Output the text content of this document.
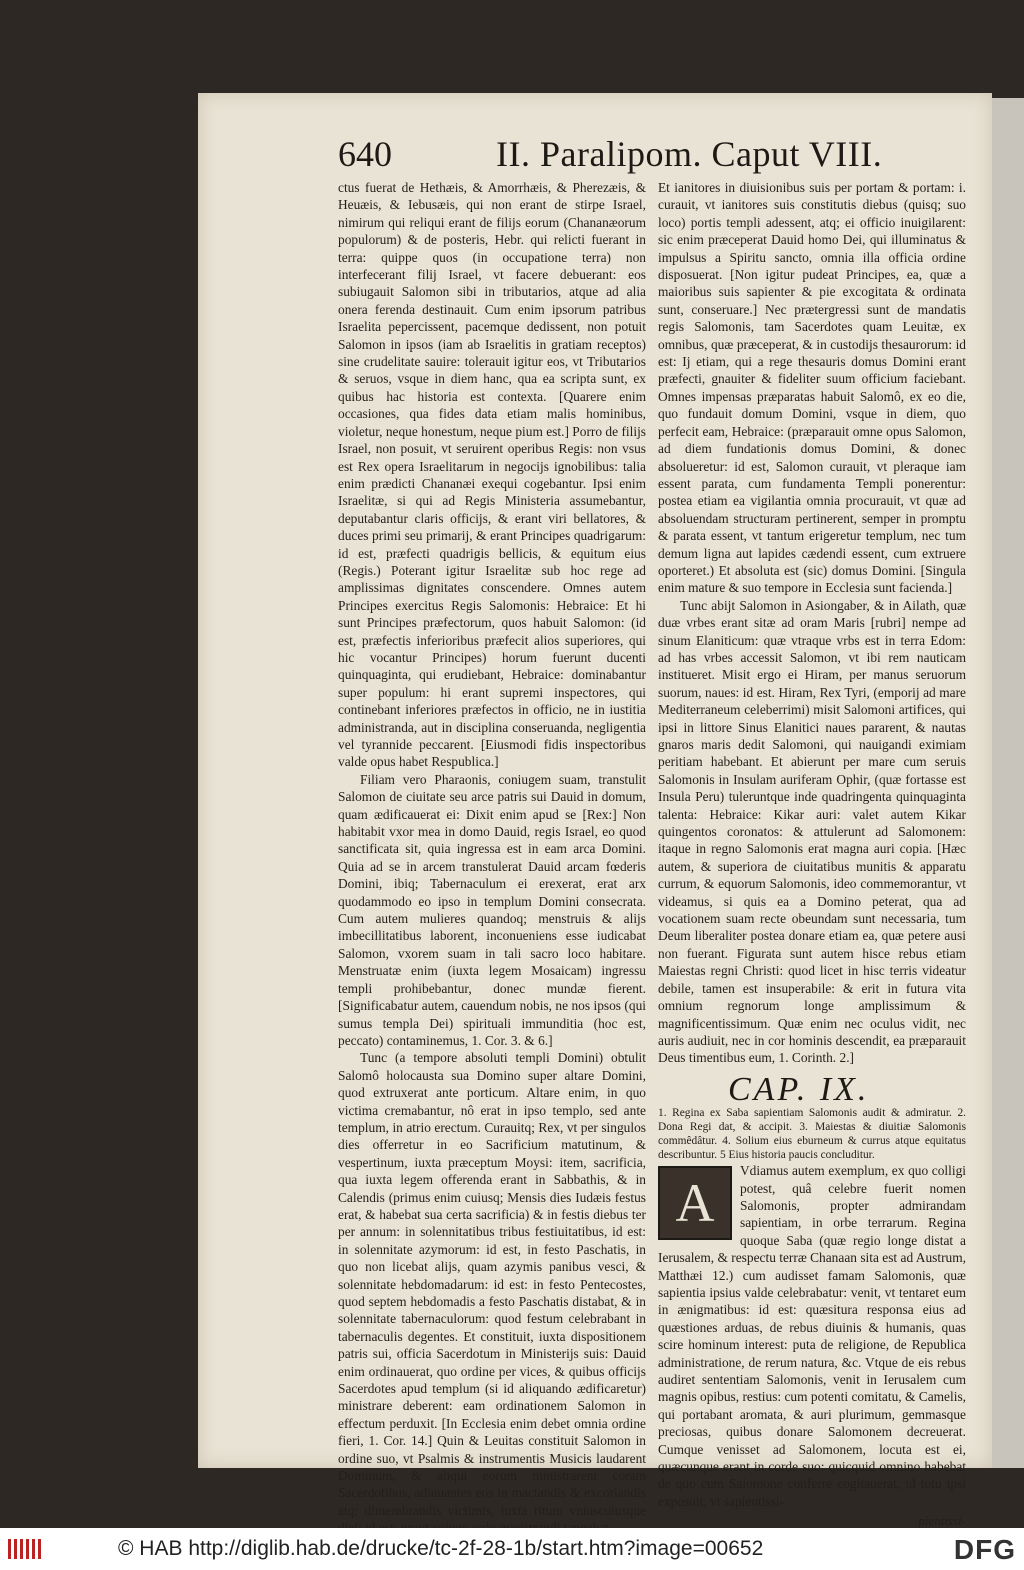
640	II. Paralipom. Caput VIII.

ctus fuerat de Hethæis, & Amorrhæis, & Pherezæis, & Heuæis, & Iebusæis, qui non erant de stirpe Israel, nimirum qui reliqui erant de filijs eorum (Chananæorum populorum) & de posteris, Hebr. qui relicti fuerant in terra: quippe quos (in occupatione terra) non interfecerant filij Israel, vt facere debuerant: eos subiugauit Salomon sibi in tributarios, atque ad alia onera ferenda destinauit. Cum enim ipsorum patribus Israelita pepercissent, pacemque dedissent, non potuit Salomon in ipsos (iam ab Israelitis in gratiam receptos) sine crudelitate sauire: tolerauit igitur eos, vt Tributarios & seruos, vsque in diem hanc, qua ea scripta sunt, ex quibus hac historia est contexta. [Quarere enim occasiones, qua fides data etiam malis hominibus, violetur, neque honestum, neque pium est.] Porro de filijs Israel, non posuit, vt seruirent operibus Regis: non vsus est Rex opera Israelitarum in negocijs ignobilibus: talia enim prædicti Chananæi exequi cogebantur. Ipsi enim Israelitæ, si qui ad Regis Ministeria assumebantur, deputabantur claris officijs, & erant viri bellatores, & duces primi seu primarij, & erant Principes quadrigarum: id est, præfecti quadrigis bellicis, & equitum eius (Regis.) Poterant igitur Israelitæ sub hoc rege ad amplissimas dignitates conscendere. Omnes autem Principes exercitus Regis Salomonis: Hebraice: Et hi sunt Principes præfectorum, quos habuit Salomon: (id est, præfectis inferioribus præfecit alios superiores, qui hic vocantur Principes) horum fuerunt ducenti quinquaginta, qui erudiebant, Hebraice: dominabantur super populum: hi erant supremi inspectores, qui continebant inferiores præfectos in officio, ne in iustitia administranda, aut in disciplina conseruanda, negligentia vel tyrannide peccarent. [Eiusmodi fidis inspectoribus valde opus habet Respublica.]

Filiam vero Pharaonis, coniugem suam, transtulit Salomon de ciuitate seu arce patris sui Dauid in domum, quam ædificauerat ei: Dixit enim apud se [Rex:] Non habitabit vxor mea in domo Dauid, regis Israel, eo quod sanctificata sit, quia ingressa est in eam arca Domini. Quia ad se in arcem transtulerat Dauid arcam fœderis Domini, ibiq; Tabernaculum ei erexerat, erat arx quodammodo eo ipso in templum Domini consecrata. Cum autem mulieres quandoq; menstruis & alijs imbecillitatibus laborent, inconueniens esse iudicabat Salomon, vxorem suam in tali sacro loco habitare. Menstruatæ enim (iuxta legem Mosaicam) ingressu templi prohibebantur, donec mundæ fierent. [Significabatur autem, cauendum nobis, ne nos ipsos (qui sumus templa Dei) spirituali immunditia (hoc est, peccato) contaminemus, 1. Cor. 3. & 6.]

Tunc (a tempore absoluti templi Domini) obtulit Salomô holocausta sua Domino super altare Domini, quod extruxerat ante porticum. Altare enim, in quo victima cremabantur, nô erat in ipso templo, sed ante templum, in atrio erectum. Curauitq; Rex, vt per singulos dies offerretur in eo Sacrificium matutinum, & vespertinum, iuxta præceptum Moysi: item, sacrificia, qua iuxta legem offerenda erant in Sabbathis, & in Calendis (primus enim cuiusq; Mensis dies Iudæis festus erat, & habebat sua certa sacrificia) & in festis diebus ter per annum: in solennitatibus tribus festiuitatibus, id est: in solennitate azymorum: id est, in festo Paschatis, in quo non licebat alijs, quam azymis panibus vesci, & solennitate hebdomadarum: id est: in festo Pentecostes, quod septem hebdomadis a festo Paschatis distabat, & in solennitate tabernaculorum: quod festum celebrabant in tabernaculis degentes. Et constituit, iuxta dispositionem patris sui, officia Sacerdotum in Ministerijs suis: Dauid enim ordinauerat, quo ordine per vices, & quibus officijs Sacerdotes apud templum (si id aliquando ædificaretur) ministrare deberent: eam ordinationem Salomon in effectum perduxit. [In Ecclesia enim debet omnia ordine fieri, 1. Cor. 14.] Quin & Leuitas constituit Salomon in ordine suo, vt Psalmis & instrumentis Musicis laudarent Dominum, & aliqui eorum ministrarent coram Sacerdotibus, adiuuantes eos in mactandis & excoriandis atq; dimembrandis victimis, iuxta ritum vniuscuiusque

Et ianitores in diuisionibus suis per portam & portam: i. curauit, vt ianitores suis constitutis diebus (quisq; suo loco) portis templi adessent, atq; ei officio inuigilarent: sic enim præceperat Dauid homo Dei, qui illuminatus & impulsus a Spiritu sancto, omnia illa officia ordine disposuerat. [Non igitur pudeat Principes, ea, quæ a maioribus suis sapienter & pie excogitata & ordinata sunt, conseruare.] Nec prætergressi sunt de mandatis regis Salomonis, tam Sacerdotes quam Leuitæ, ex omnibus, quæ præceperat, & in custodijs thesaurorum: id est: Ij etiam, qui a rege thesauris domus Domini erant præfecti, gnauiter & fideliter suum officium faciebant. Omnes impensas præparatas habuit Salomô, ex eo die, quo fundauit domum Domini, vsque in diem, quo perfecit eam, Hebraice: (præparauit omne opus Salomon, ad diem fundationis domus Domini, & donec absolueretur: id est, Salomon curauit, vt pleraque iam essent parata, cum fundamenta Templi ponerentur: postea etiam ea vigilantia omnia procurauit, vt quæ ad absoluendam structuram pertinerent, semper in promptu & parata essent, vt tantum erigeretur templum, nec tum demum ligna aut lapides cædendi essent, cum extruere oporteret.) Et absoluta est (sic) domus Domini. [Singula enim mature & suo tempore in Ecclesia sunt facienda.]

Tunc abijt Salomon in Asiongaber, & in Ailath, quæ duæ vrbes erant sitæ ad oram Maris [rubri] nempe ad sinum Elaniticum: quæ vtraque vrbs est in terra Edom: ad has vrbes accessit Salomon, vt ibi rem nauticam institueret. Misit ergo ei Hiram, per manus seruorum suorum, naues: id est. Hiram, Rex Tyri, (emporij ad mare Mediterraneum celeberrimi) misit Salomoni artifices, qui ipsi in littore Sinus Elanitici naues pararent, & nautas gnaros maris dedit Salomoni, qui nauigandi eximiam peritiam habebant. Et abierunt per mare cum seruis Salomonis in Insulam auriferam Ophir, (quæ fortasse est Insula Peru) tuleruntque inde quadringenta quinquaginta talenta: Hebraice: Kikar auri: valet autem Kikar quingentos coronatos: & attulerunt ad Salomonem: itaque in regno Salomonis erat magna auri copia. [Hæc autem, & superiora de ciuitatibus munitis & apparatu currum, & equorum Salomonis, ideo commemorantur, vt videamus, si quis ea a Domino peterat, qua ad vocationem suam recte obeundam sunt necessaria, tum Deum liberaliter postea donare etiam ea, quæ petere ausi non fuerant. Figurata sunt autem hisce rebus etiam Maiestas regni Christi: quod licet in hisc terris videatur debile, tamen est insuperabile: & erit in futura vita omnium regnorum longe amplissimum & magnificentissimum. Quæ enim nec oculus vidit, nec auris audiuit, nec in cor hominis descendit, ea præparauit Deus timentibus eum, 1. Corinth. 2.]

CAP. IX.

1. Regina ex Saba sapientiam Salomonis audit & admiratur. 2. Dona Regi dat, & accipit. 3. Maiestas & diuitiæ Salomonis commêdâtur. 4. Solium eius eburneum & currus atque equitatus describuntur. 5 Eius historia paucis concluditur.

A

Vdiamus autem exemplum, ex quo colligi potest, quâ celebre fuerit nomen Salomonis, propter admirandam sapientiam, in orbe terrarum. Regina quoque Saba (quæ regio longe distat a Ierusalem, & respectu terræ Chanaan sita est ad Austrum, Matthæi 12.) cum audisset famam Salomonis, quæ sapientia ipsius valde celebrabatur: venit, vt tentaret eum in ænigmatibus: id est: quæsitura responsa eius ad quæstiones arduas, de rebus diuinis & humanis, quas scire hominum interest: puta de religione, de Republica administratione, de rerum natura, &c. Vtque de eis rebus audiret sententiam Salomonis, venit in Ierusalem cum magnis opibus, restius: cum potenti comitatu, & Camelis, qui portabant aromata, & auri plurimum, gemmasque preciosas, quibus donare Salomonem decreuerat. Cumque venisset ad Salomonem, locuta est ei, quæcunque erant in corde suo: quicquid omnino habebat de quo cum Salomone conferre cogitauerat, id totu ipsi exposuit, vt sapientissi-

pientissi-
© HAB http://diglib.hab.de/drucke/tc-2f-28-1b/start.htm?image=00652	DFG
